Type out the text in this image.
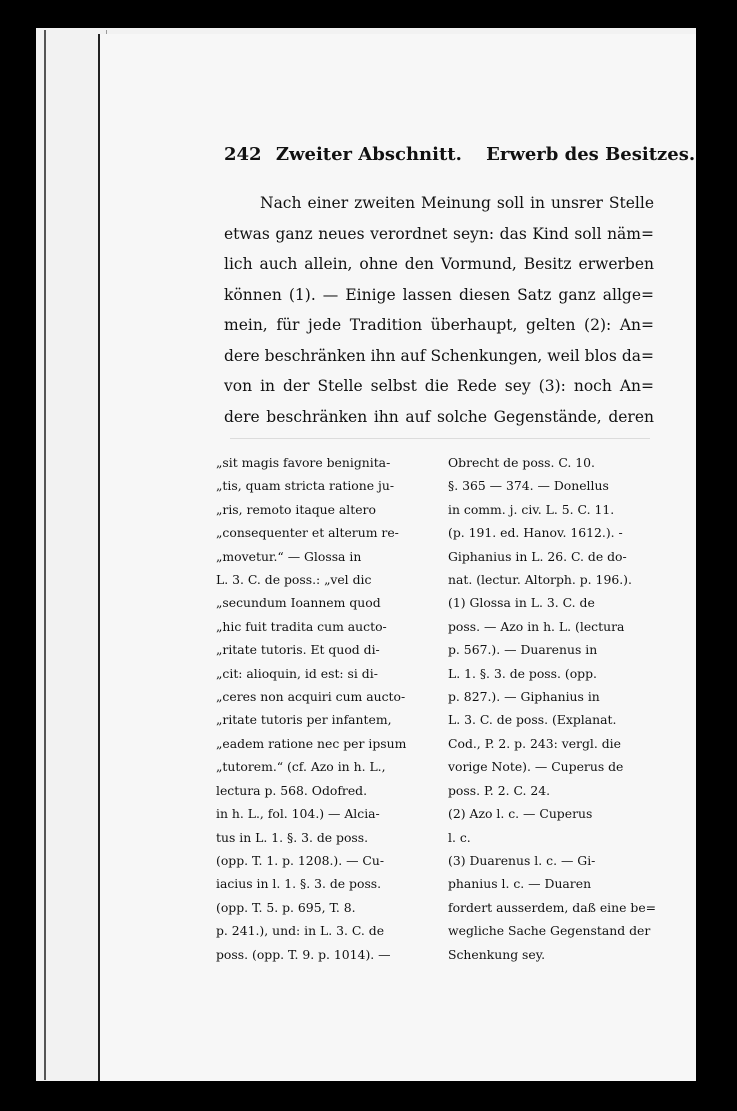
242 Zweiter Abschnitt. Erwerb des Besitzes.
Nach einer zweiten Meinung soll in unsrer Stelle
etwas ganz neues verordnet seyn: das Kind soll näm=
lich auch allein, ohne den Vormund, Besitz erwerben
können (1). — Einige lassen diesen Satz ganz allge=
mein, für jede Tradition überhaupt, gelten (2): An=
dere beschränken ihn auf Schenkungen, weil blos da=
von in der Stelle selbst die Rede sey (3): noch An=
dere beschränken ihn auf solche Gegenstände, deren
„sit magis favore benignita-
„tis, quam stricta ratione ju-
„ris, remoto itaque altero
„consequenter et alterum re-
„movetur.“ — Glossa in
L. 3. C. de poss.: „vel dic
„secundum Ioannem quod
„hic fuit tradita cum aucto-
„ritate tutoris. Et quod di-
„cit: alioquin, id est: si di-
„ceres non acquiri cum aucto-
„ritate tutoris per infantem,
„eadem ratione nec per ipsum
„tutorem.“ (cf. Azo in h. L.,
lectura p. 568. Odofred.
in h. L., fol. 104.) — Alcia-
tus in L. 1. §. 3. de poss.
(opp. T. 1. p. 1208.). — Cu-
iacius in l. 1. §. 3. de poss.
(opp. T. 5. p. 695, T. 8.
p. 241.), und: in L. 3. C. de
poss. (opp. T. 9. p. 1014). —
Obrecht de poss. C. 10.
§. 365 — 374. — Donellus
in comm. j. civ. L. 5. C. 11.
(p. 191. ed. Hanov. 1612.). -
Giphanius in L. 26. C. de do-
nat. (lectur. Altorph. p. 196.).
(1) Glossa in L. 3. C. de
poss. — Azo in h. L. (lectura
p. 567.). — Duarenus in
L. 1. §. 3. de poss. (opp.
p. 827.). — Giphanius in
L. 3. C. de poss. (Explanat.
Cod., P. 2. p. 243: vergl. die
vorige Note). — Cuperus de
poss. P. 2. C. 24.
(2) Azo l. c. — Cuperus
l. c.
(3) Duarenus l. c. — Gi-
phanius l. c. — Duaren
fordert ausserdem, daß eine be=
wegliche Sache Gegenstand der
Schenkung sey.
